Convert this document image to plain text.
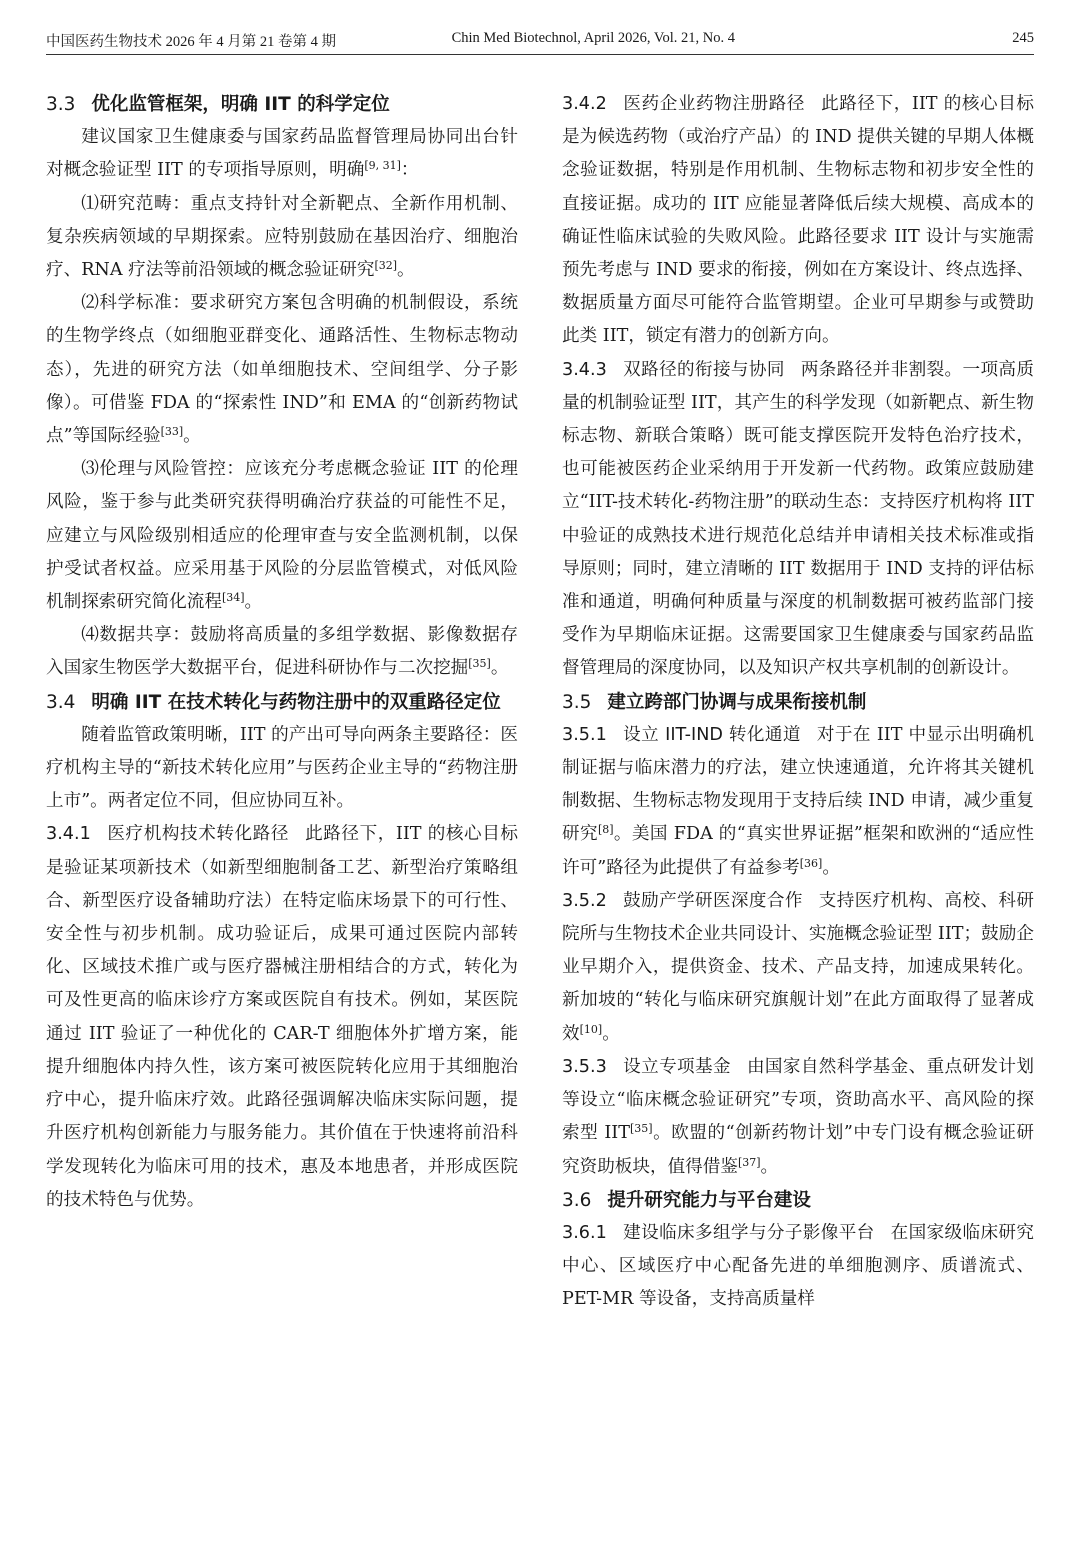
中国医药生物技术 2026 年 4 月第 21 卷第 4 期	Chin Med Biotechnol, April 2026, Vol. 21, No. 4	245
3.3 优化监管框架，明确 IIT 的科学定位

建议国家卫生健康委与国家药品监督管理局协同出台针对概念验证型 IIT 的专项指导原则，明确[9, 31]：

⑴研究范畴：重点支持针对全新靶点、全新作用机制、复杂疾病领域的早期探索。应特别鼓励在基因治疗、细胞治疗、RNA 疗法等前沿领域的概念验证研究[32]。

⑵科学标准：要求研究方案包含明确的机制假设，系统的生物学终点（如细胞亚群变化、通路活性、生物标志物动态），先进的研究方法（如单细胞技术、空间组学、分子影像）。可借鉴 FDA 的“探索性 IND”和 EMA 的“创新药物试点”等国际经验[33]。

⑶伦理与风险管控：应该充分考虑概念验证 IIT 的伦理风险，鉴于参与此类研究获得明确治疗获益的可能性不足，应建立与风险级别相适应的伦理审查与安全监测机制，以保护受试者权益。应采用基于风险的分层监管模式，对低风险机制探索研究简化流程[34]。

⑷数据共享：鼓励将高质量的多组学数据、影像数据存入国家生物医学大数据平台，促进科研协作与二次挖掘[35]。

3.4 明确 IIT 在技术转化与药物注册中的双重路径定位

随着监管政策明晰，IIT 的产出可导向两条主要路径：医疗机构主导的“新技术转化应用”与医药企业主导的“药物注册上市”。两者定位不同，但应协同互补。

3.4.1 医疗机构技术转化路径 此路径下，IIT 的核心目标是验证某项新技术（如新型细胞制备工艺、新型治疗策略组合、新型医疗设备辅助疗法）在特定临床场景下的可行性、安全性与初步机制。成功验证后，成果可通过医院内部转化、区域技术推广或与医疗器械注册相结合的方式，转化为可及性更高的临床诊疗方案或医院自有技术。例如，某医院通过 IIT 验证了一种优化的 CAR-T 细胞体外扩增方案，能提升细胞体内持久性，该方案可被医院转化应用于其细胞治疗中心，提升临床疗效。此路径强调解决临床实际问题，提升医疗机构创新能力与服务能力。其价值在于快速将前沿科学发现转化为临床可用的技术，惠及本地患者，并形成医院的技术特色与优势。

3.4.2 医药企业药物注册路径 此路径下，IIT 的核心目标是为候选药物（或治疗产品）的 IND 提供关键的早期人体概念验证数据，特别是作用机制、生物标志物和初步安全性的直接证据。成功的 IIT 应能显著降低后续大规模、高成本的确证性临床试验的失败风险。此路径要求 IIT 设计与实施需预先考虑与 IND 要求的衔接，例如在方案设计、终点选择、数据质量方面尽可能符合监管期望。企业可早期参与或赞助此类 IIT，锁定有潜力的创新方向。

3.4.3 双路径的衔接与协同 两条路径并非割裂。一项高质量的机制验证型 IIT，其产生的科学发现（如新靶点、新生物标志物、新联合策略）既可能支撑医院开发特色治疗技术，也可能被医药企业采纳用于开发新一代药物。政策应鼓励建立“IIT-技术转化-药物注册”的联动生态：支持医疗机构将 IIT 中验证的成熟技术进行规范化总结并申请相关技术标准或指导原则；同时，建立清晰的 IIT 数据用于 IND 支持的评估标准和通道，明确何种质量与深度的机制数据可被药监部门接受作为早期临床证据。这需要国家卫生健康委与国家药品监督管理局的深度协同，以及知识产权共享机制的创新设计。

3.5 建立跨部门协调与成果衔接机制

3.5.1 设立 IIT-IND 转化通道 对于在 IIT 中显示出明确机制证据与临床潜力的疗法，建立快速通道，允许将其关键机制数据、生物标志物发现用于支持后续 IND 申请，减少重复研究[8]。美国 FDA 的“真实世界证据”框架和欧洲的“适应性许可”路径为此提供了有益参考[36]。

3.5.2 鼓励产学研医深度合作 支持医疗机构、高校、科研院所与生物技术企业共同设计、实施概念验证型 IIT；鼓励企业早期介入，提供资金、技术、产品支持，加速成果转化。新加坡的“转化与临床研究旗舰计划”在此方面取得了显著成效[10]。

3.5.3 设立专项基金 由国家自然科学基金、重点研发计划等设立“临床概念验证研究”专项，资助高水平、高风险的探索型 IIT[35]。欧盟的“创新药物计划”中专门设有概念验证研究资助板块，值得借鉴[37]。

3.6 提升研究能力与平台建设

3.6.1 建设临床多组学与分子影像平台 在国家级临床研究中心、区域医疗中心配备先进的单细胞测序、质谱流式、PET-MR 等设备，支持高质量样
